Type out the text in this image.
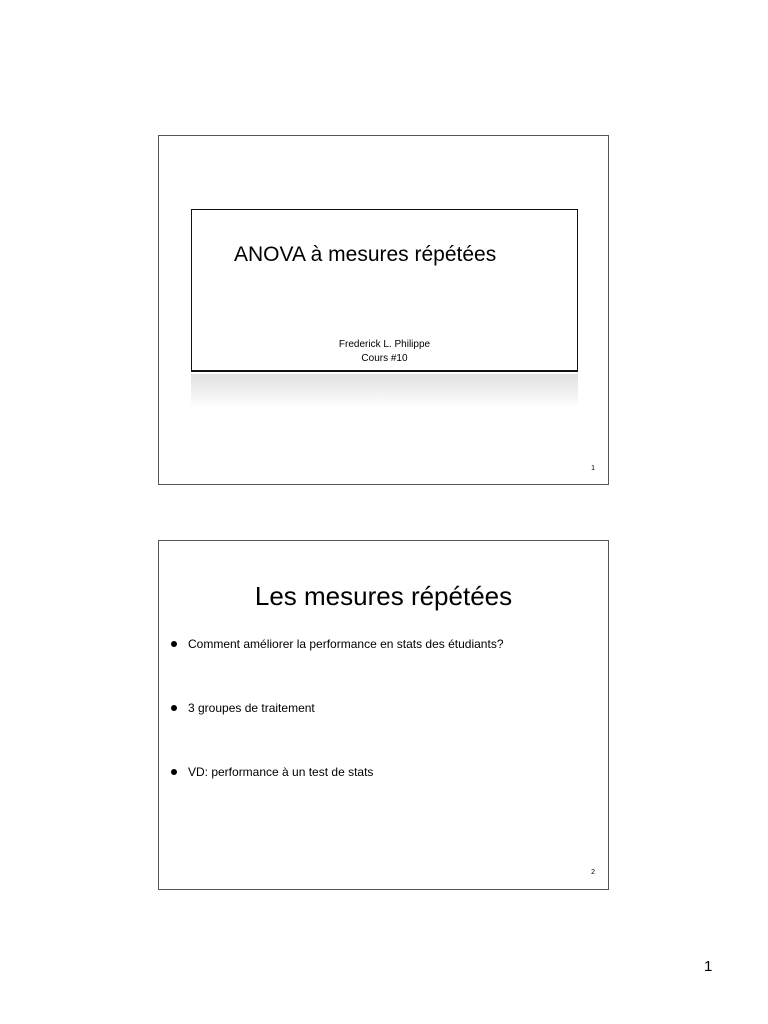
ANOVA à mesures répétées
Frederick L. Philippe
Cours #10
1
Les mesures répétées
Comment améliorer la performance en stats des étudiants?
3 groupes de traitement
VD: performance à un test de stats
2
1
